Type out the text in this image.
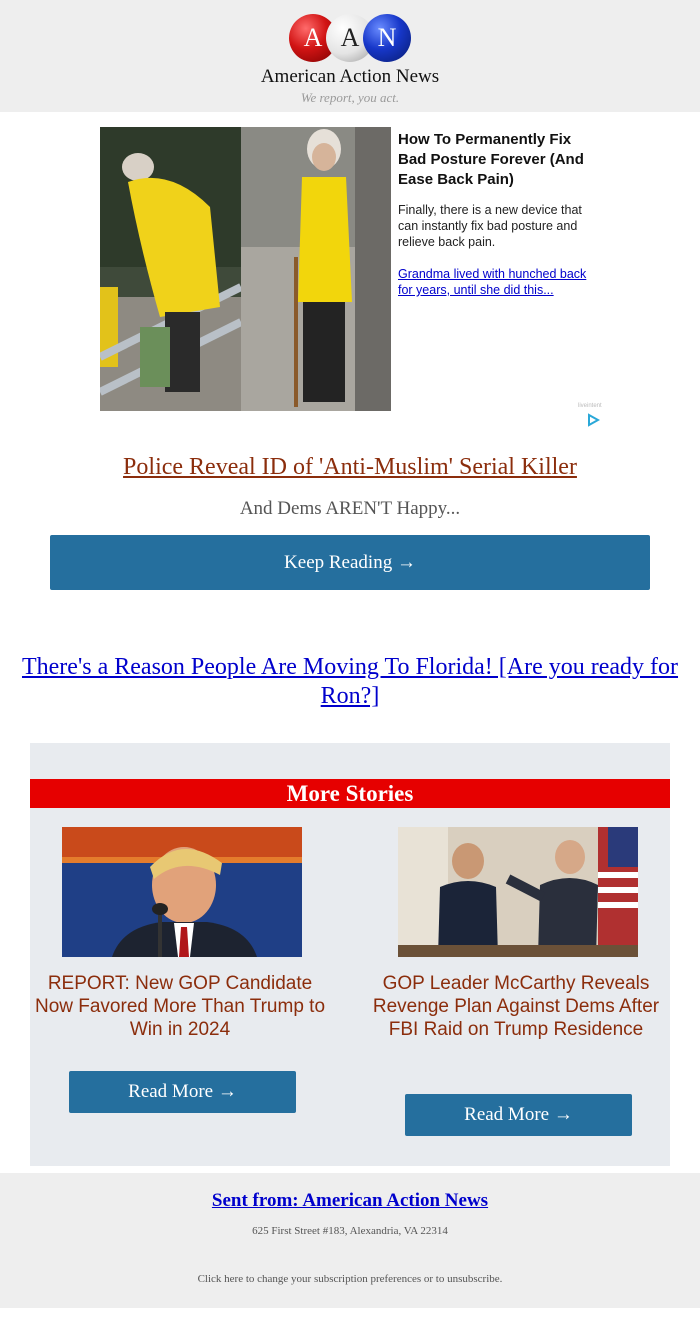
A A N
American Action News
We report, you act.
How To Permanently Fix Bad Posture Forever (And Ease Back Pain)
Finally, there is a new device that can instantly fix bad posture and relieve back pain.
Grandma lived with hunched back for years, until she did this...
liveintent
Police Reveal ID of 'Anti-Muslim' Serial Killer
And Dems AREN'T Happy...
Keep Reading →
There's a Reason People Are Moving To Florida! [Are you ready for Ron?]
More Stories
REPORT: New GOP Candidate Now Favored More Than Trump to Win in 2024
Read More →
GOP Leader McCarthy Reveals Revenge Plan Against Dems After FBI Raid on Trump Residence
Read More →
Sent from: American Action News
625 First Street #183, Alexandria, VA 22314
Click here to change your subscription preferences or to unsubscribe.
